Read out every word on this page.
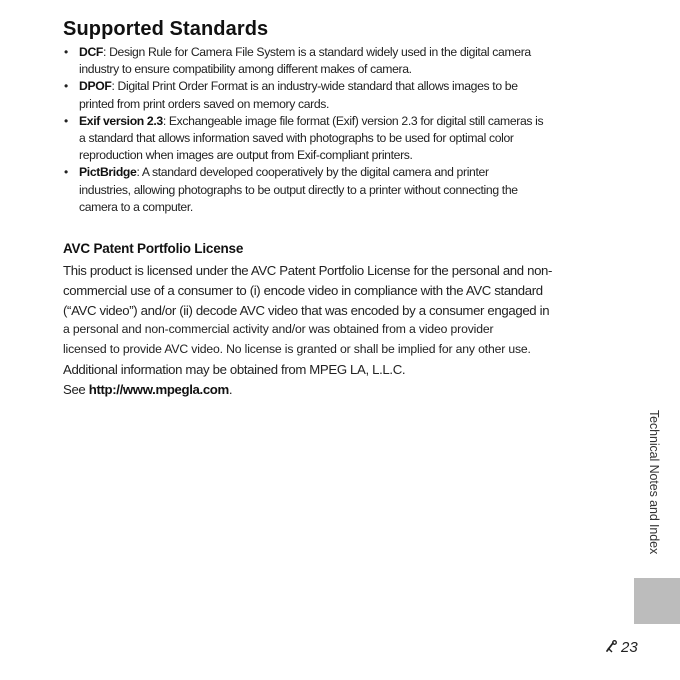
Supported Standards
• DCF: Design Rule for Camera File System is a standard widely used in the digital camera
industry to ensure compatibility among different makes of camera.
• DPOF: Digital Print Order Format is an industry-wide standard that allows images to be
printed from print orders saved on memory cards.
• Exif version 2.3: Exchangeable image file format (Exif) version 2.3 for digital still cameras is
a standard that allows information saved with photographs to be used for optimal color
reproduction when images are output from Exif-compliant printers.
• PictBridge: A standard developed cooperatively by the digital camera and printer
industries, allowing photographs to be output directly to a printer without connecting the
camera to a computer.
AVC Patent Portfolio License

This product is licensed under the AVC Patent Portfolio License for the personal and non-
commercial use of a consumer to (i) encode video in compliance with the AVC standard
(“AVC video”) and/or (ii) decode AVC video that was encoded by a consumer engaged in
a personal and non-commercial activity and/or was obtained from a video provider
licensed to provide AVC video. No license is granted or shall be implied for any other use.
Additional information may be obtained from MPEG LA, L.L.C.
See http://www.mpegla.com.

Technical Notes and Index
23
